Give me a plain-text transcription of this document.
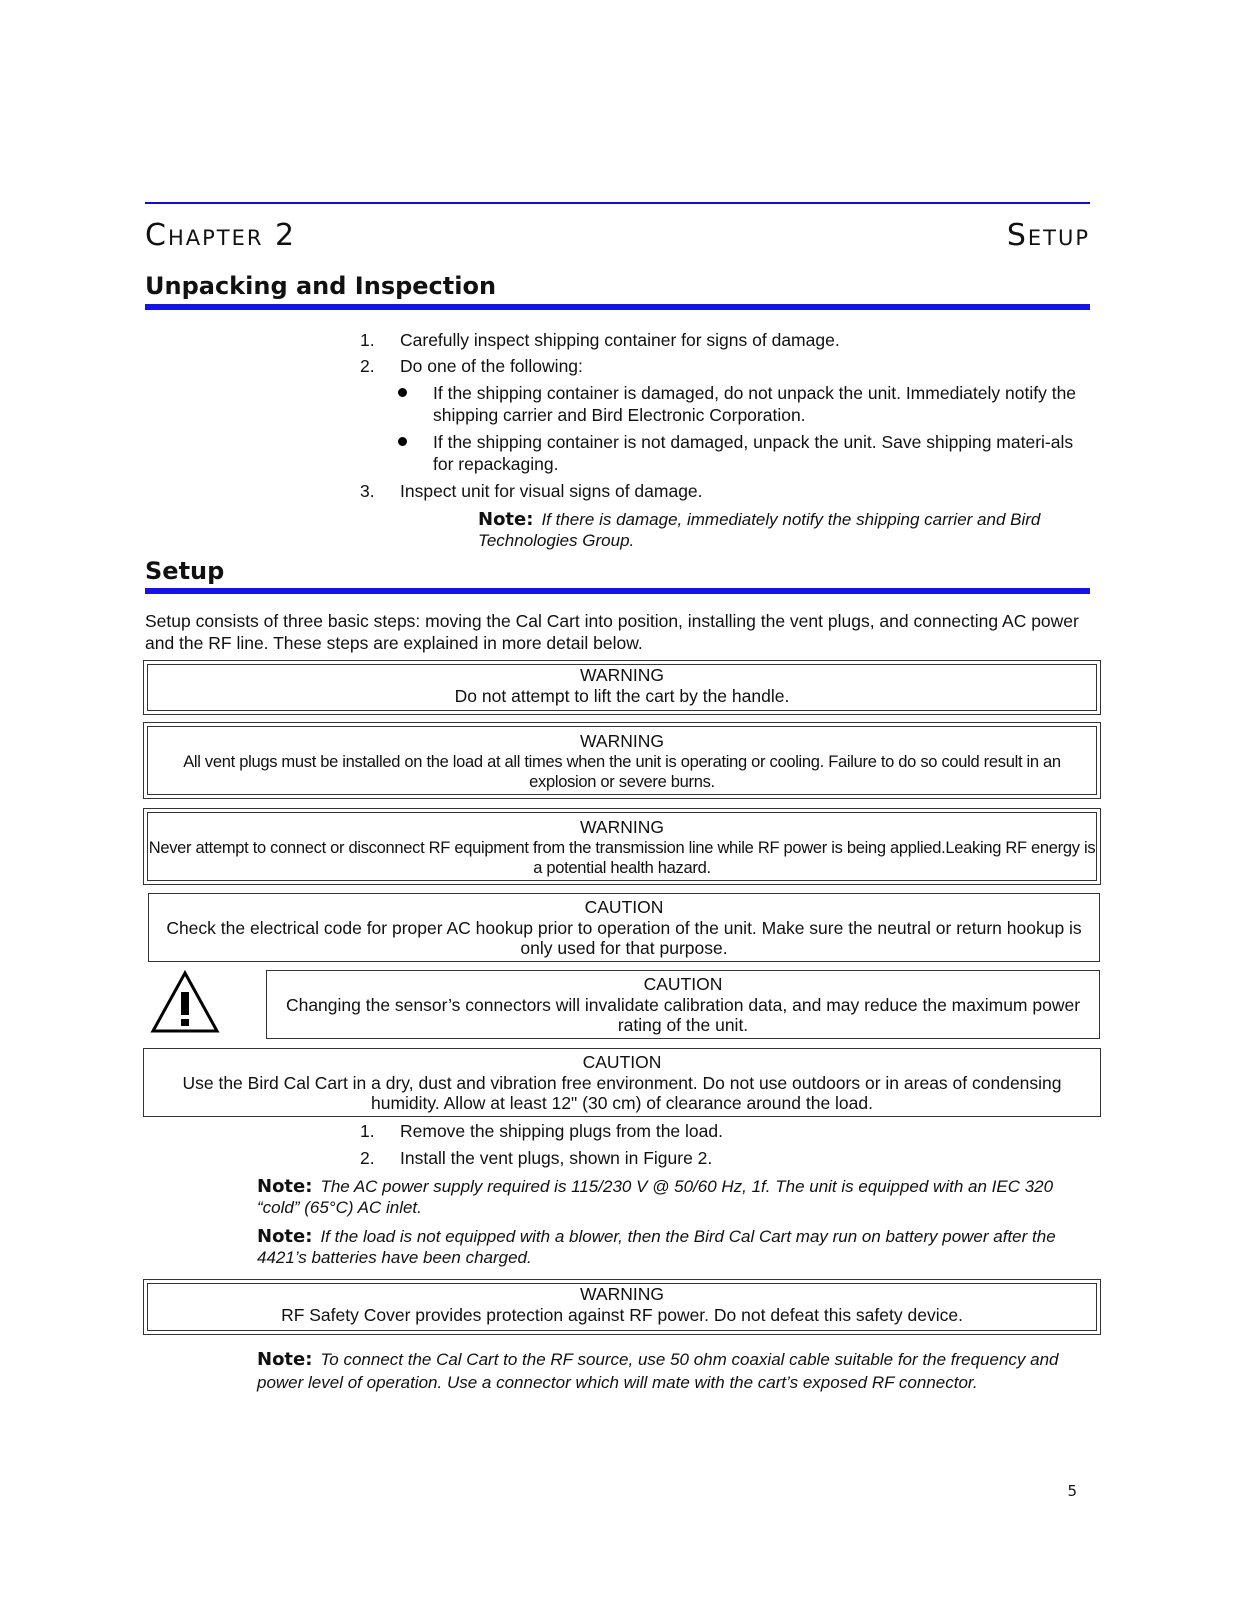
Chapter 2	Setup
Unpacking and Inspection
1.	Carefully inspect shipping container for signs of damage.
2.	Do one of the following:
If the shipping container is damaged, do not unpack the unit. Immediately notify the shipping carrier and Bird Electronic Corporation.
If the shipping container is not damaged, unpack the unit. Save shipping materi-als for repackaging.
3.	Inspect unit for visual signs of damage.
Note: If there is damage, immediately notify the shipping carrier and Bird Technologies Group.
Setup
Setup consists of three basic steps: moving the Cal Cart into position, installing the vent plugs, and connecting AC power and the RF line. These steps are explained in more detail below.
WARNING
Do not attempt to lift the cart by the handle.
WARNING
All vent plugs must be installed on the load at all times when the unit is operating or cooling. Failure to do so could result in an explosion or severe burns.
WARNING
Never attempt to connect or disconnect RF equipment from the transmission line while RF power is being applied.Leaking RF energy is a potential health hazard.
CAUTION
Check the electrical code for proper AC hookup prior to operation of the unit. Make sure the neutral or return hookup is only used for that purpose.
CAUTION
Changing the sensor’s connectors will invalidate calibration data, and may reduce the maximum power rating of the unit.
CAUTION
Use the Bird Cal Cart in a dry, dust and vibration free environment. Do not use outdoors or in areas of condensing humidity. Allow at least 12" (30 cm) of clearance around the load.
1.	Remove the shipping plugs from the load.
2.	Install the vent plugs, shown in Figure 2.
Note: The AC power supply required is 115/230 V @ 50/60 Hz, 1f. The unit is equipped with an IEC 320 “cold” (65°C) AC inlet.
Note: If the load is not equipped with a blower, then the Bird Cal Cart may run on battery power after the 4421’s batteries have been charged.
WARNING
RF Safety Cover provides protection against RF power. Do not defeat this safety device.
Note: To connect the Cal Cart to the RF source, use 50 ohm coaxial cable suitable for the frequency and power level of operation. Use a connector which will mate with the cart’s exposed RF connector.
5
